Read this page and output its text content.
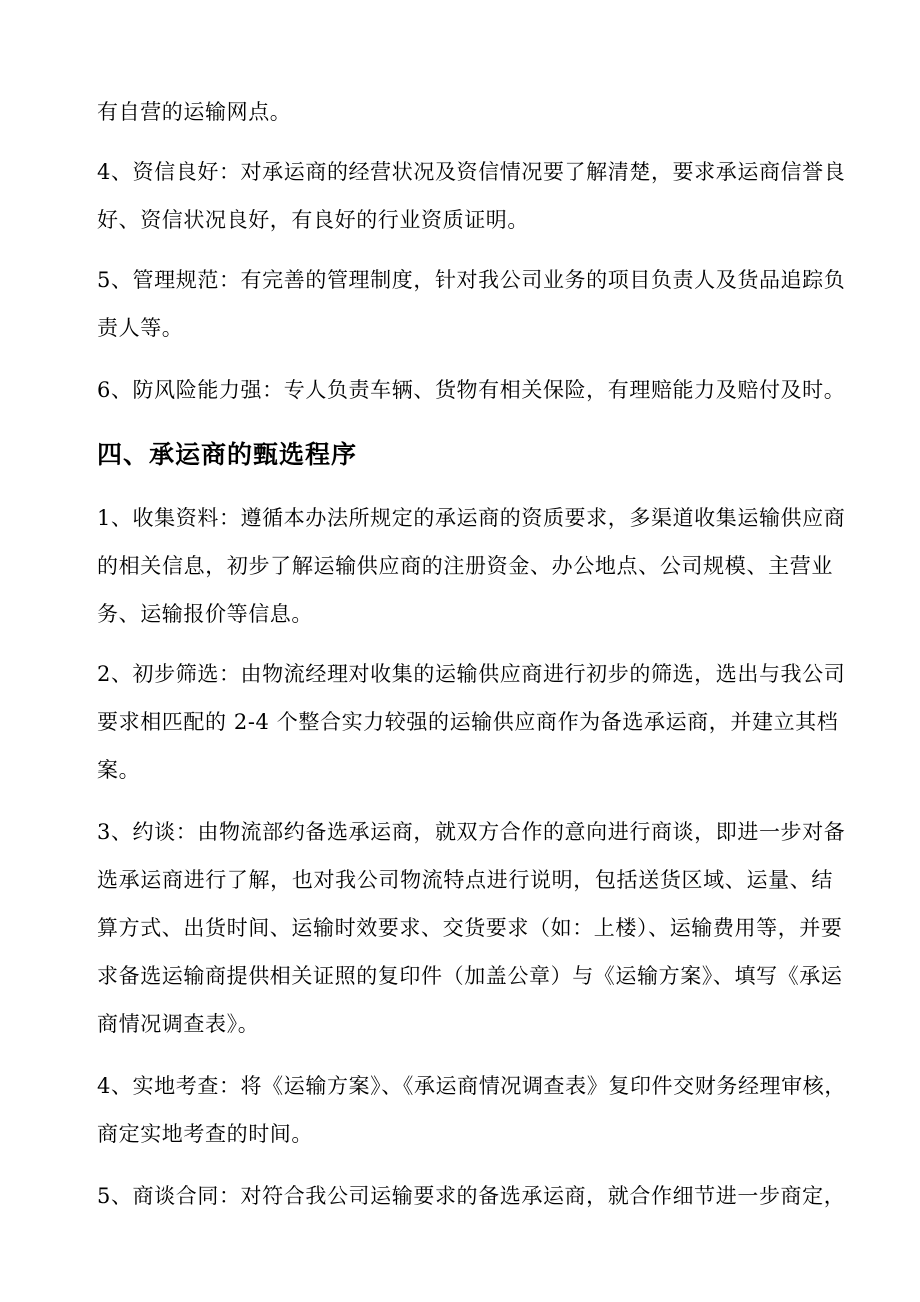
有自营的运输网点。
4、资信良好：对承运商的经营状况及资信情况要了解清楚，要求承运商信誉良
好、资信状况良好，有良好的行业资质证明。
5、管理规范：有完善的管理制度，针对我公司业务的项目负责人及货品追踪负
责人等。
6、防风险能力强：专人负责车辆、货物有相关保险，有理赔能力及赔付及时。
四、承运商的甄选程序
1、收集资料：遵循本办法所规定的承运商的资质要求，多渠道收集运输供应商
的相关信息，初步了解运输供应商的注册资金、办公地点、公司规模、主营业
务、运输报价等信息。
2、初步筛选：由物流经理对收集的运输供应商进行初步的筛选，选出与我公司
要求相匹配的 2-4 个整合实力较强的运输供应商作为备选承运商，并建立其档
案。
3、约谈：由物流部约备选承运商，就双方合作的意向进行商谈，即进一步对备
选承运商进行了解，也对我公司物流特点进行说明，包括送货区域、运量、结
算方式、出货时间、运输时效要求、交货要求（如：上楼）、运输费用等，并要
求备选运输商提供相关证照的复印件（加盖公章）与《运输方案》、填写《承运
商情况调查表》。
4、实地考查：将《运输方案》、《承运商情况调查表》复印件交财务经理审核，
商定实地考查的时间。
5、商谈合同：对符合我公司运输要求的备选承运商，就合作细节进一步商定，
